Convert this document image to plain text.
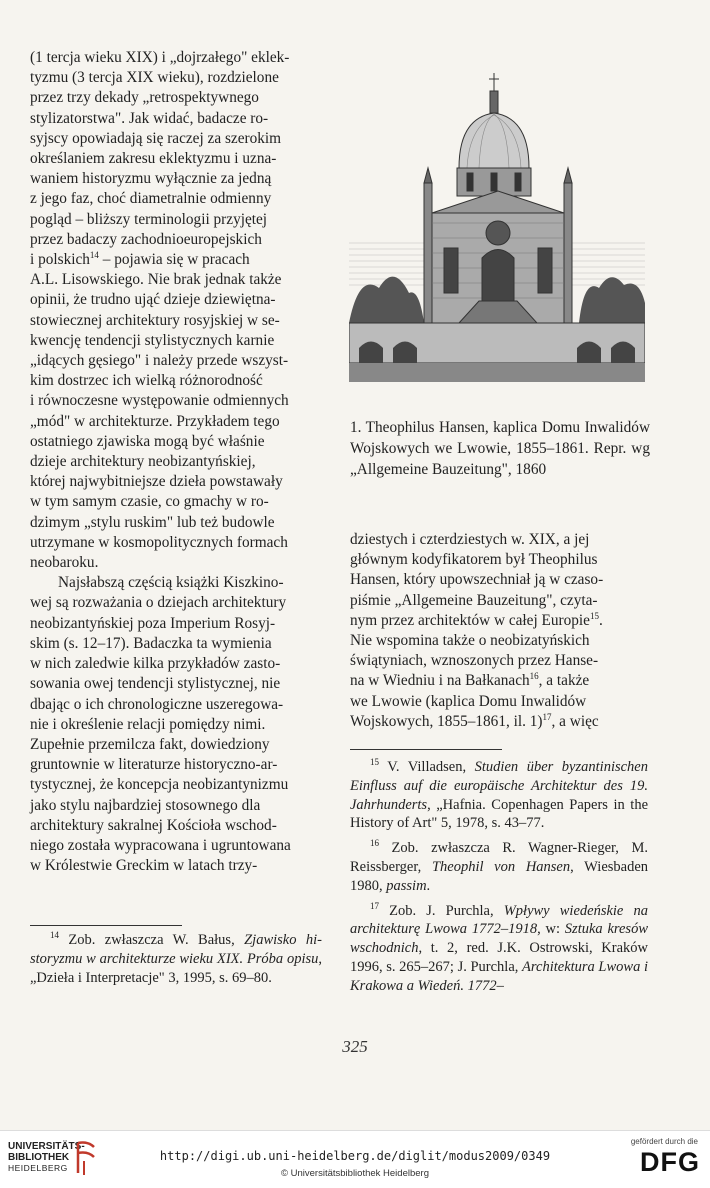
(1 tercja wieku XIX) i „dojrzałego" eklek-
tyzmu (3 tercja XIX wieku), rozdzielone
przez trzy dekady „retrospektywnego
stylizatorstwa". Jak widać, badacze ro-
syjscy opowiadają się raczej za szerokim
określaniem zakresu eklektyzmu i uzna-
waniem historyzmu wyłącznie za jedną
z jego faz, choć diametralnie odmienny
pogląd – bliższy terminologii przyjętej
przez badaczy zachodnioeuropejskich
i polskich$^{14}$ – pojawia się w pracach
A.L. Lisowskiego. Nie brak jednak także
opinii, że trudno ująć dzieje dziewiętna-
stowiecznej architektury rosyjskiej w se-
kwencję tendencji stylistycznych karnie
„idących gęsiego" i należy przede wszyst-
kim dostrzec ich wielką różnorodność
i równoczesne występowanie odmiennych
„mód" w architekturze. Przykładem tego
ostatniego zjawiska mogą być właśnie
dzieje architektury neobizantyńskiej,
której najwybitniejsze dzieła powstawały
w tym samym czasie, co gmachy w ro-
dzimym „stylu ruskim" lub też budowle
utrzymane w kosmopolitycznych formach
neobaroku.
Najsłabszą częścią książki Kiszkino-
wej są rozważania o dziejach architektury
neobizantyńskiej poza Imperium Rosyj-
skim (s. 12–17). Badaczka ta wymienia
w nich zaledwie kilka przykładów zasto-
sowania owej tendencji stylistycznej, nie
dbając o ich chronologiczne uszeregowa-
nie i określenie relacji pomiędzy nimi.
Zupełnie przemilcza fakt, dowiedziony
gruntownie w literaturze historyczno-ar-
tystycznej, że koncepcja neobizantynizmu
jako stylu najbardziej stosownego dla
architektury sakralnej Kościoła wschod-
niego została wypracowana i ugruntowana
w Królestwie Greckim w latach trzy-

$^{14}$ Zob. zwłaszcza W. Bałus, Zjawisko hi-storyzmu w architekturze wieku XIX. Próba opisu, „Dzieła i Interpretacje" 3, 1995, s. 69–80.

1. Theophilus Hansen, kaplica Domu Inwalidów Wojskowych we Lwowie, 1855–1861. Repr. wg „Allgemeine Bauzeitung", 1860

dziestych i czterdziestych w. XIX, a jej
głównym kodyfikatorem był Theophilus
Hansen, który upowszechniał ją w czaso-
piśmie „Allgemeine Bauzeitung", czyta-
nym przez architektów w całej Europie$^{15}$.
Nie wspomina także o neobizatyńskich
świątyniach, wznoszonych przez Hanse-
na w Wiedniu i na Bałkanach$^{16}$, a także
we Lwowie (kaplica Domu Inwalidów
Wojskowych, 1855–1861, il. 1)$^{17}$, a więc

$^{15}$ V. Villadsen, Studien über byzantinischen Einfluss auf die europäische Architektur des 19. Jahrhunderts, „Hafnia. Copenhagen Papers in the History of Art" 5, 1978, s. 43–77.

$^{16}$ Zob. zwłaszcza R. Wagner-Rieger, M. Reissberger, Theophil von Hansen, Wiesbaden 1980, passim.

$^{17}$ Zob. J. Purchla, Wpływy wiedeńskie na architekturę Lwowa 1772–1918, w: Sztuka kresów wschodnich, t. 2, red. J.K. Ostrowski, Kraków 1996, s. 265–267; J. Purchla, Architektura Lwowa i Krakowa a Wiedeń. 1772–

325
UNIVERSITÄTS-
BIBLIOTHEK
HEIDELBERG
http://digi.ub.uni-heidelberg.de/diglit/modus2009/0349
© Universitätsbibliothek Heidelberg
gefördert durch die
DFG
